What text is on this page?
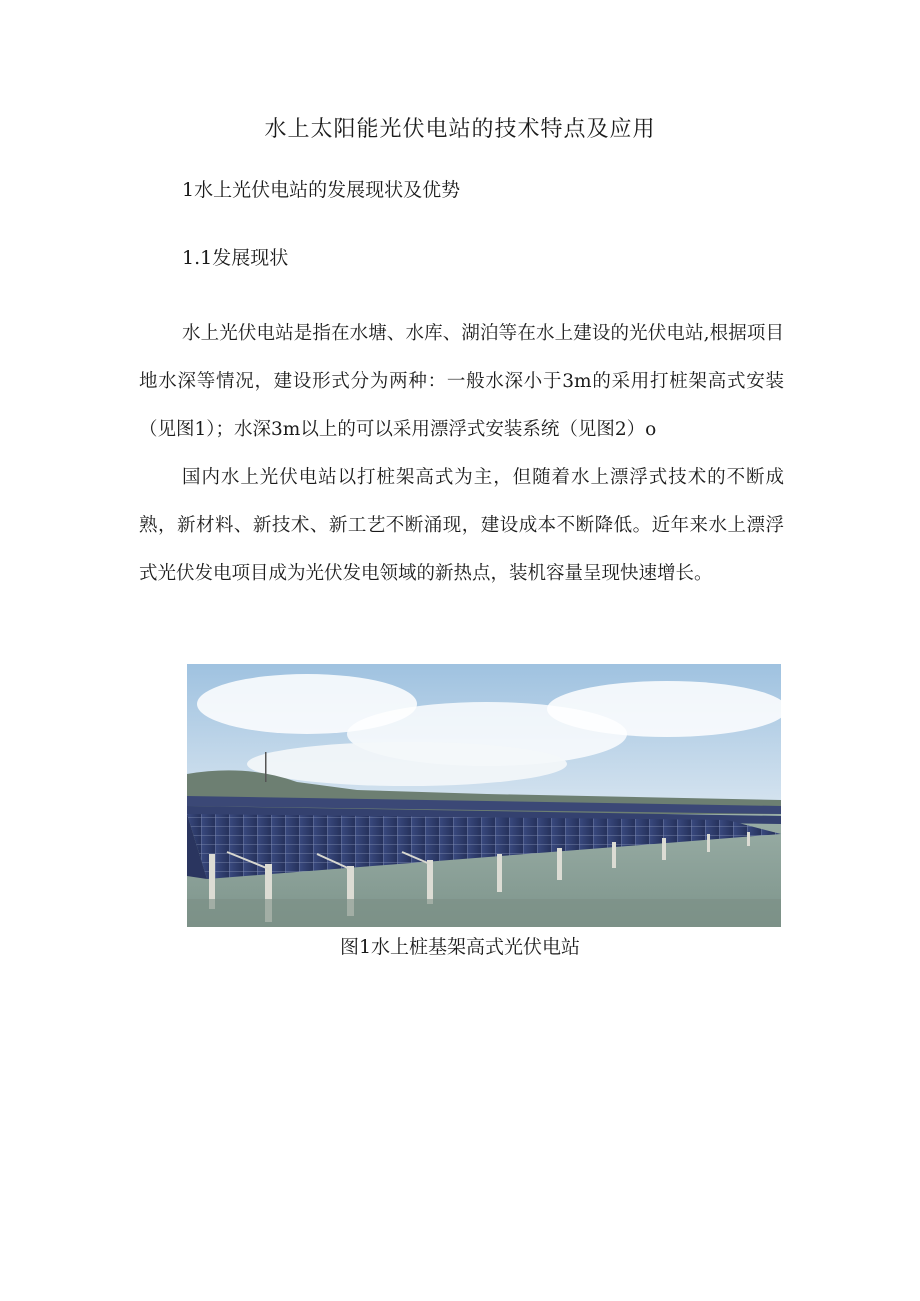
水上太阳能光伏电站的技术特点及应用
1水上光伏电站的发展现状及优势
1.1发展现状

水上光伏电站是指在水塘、水库、湖泊等在水上建设的光伏电站,根据项目地水深等情况，建设形式分为两种：一般水深小于3m的采用打桩架高式安装（见图1）；水深3m以上的可以采用漂浮式安装系统（见图2）o

国内水上光伏电站以打桩架高式为主，但随着水上漂浮式技术的不断成熟，新材料、新技术、新工艺不断涌现，建设成本不断降低。近年来水上漂浮式光伏发电项目成为光伏发电领域的新热点，装机容量呈现快速增长。

图1水上桩基架高式光伏电站
